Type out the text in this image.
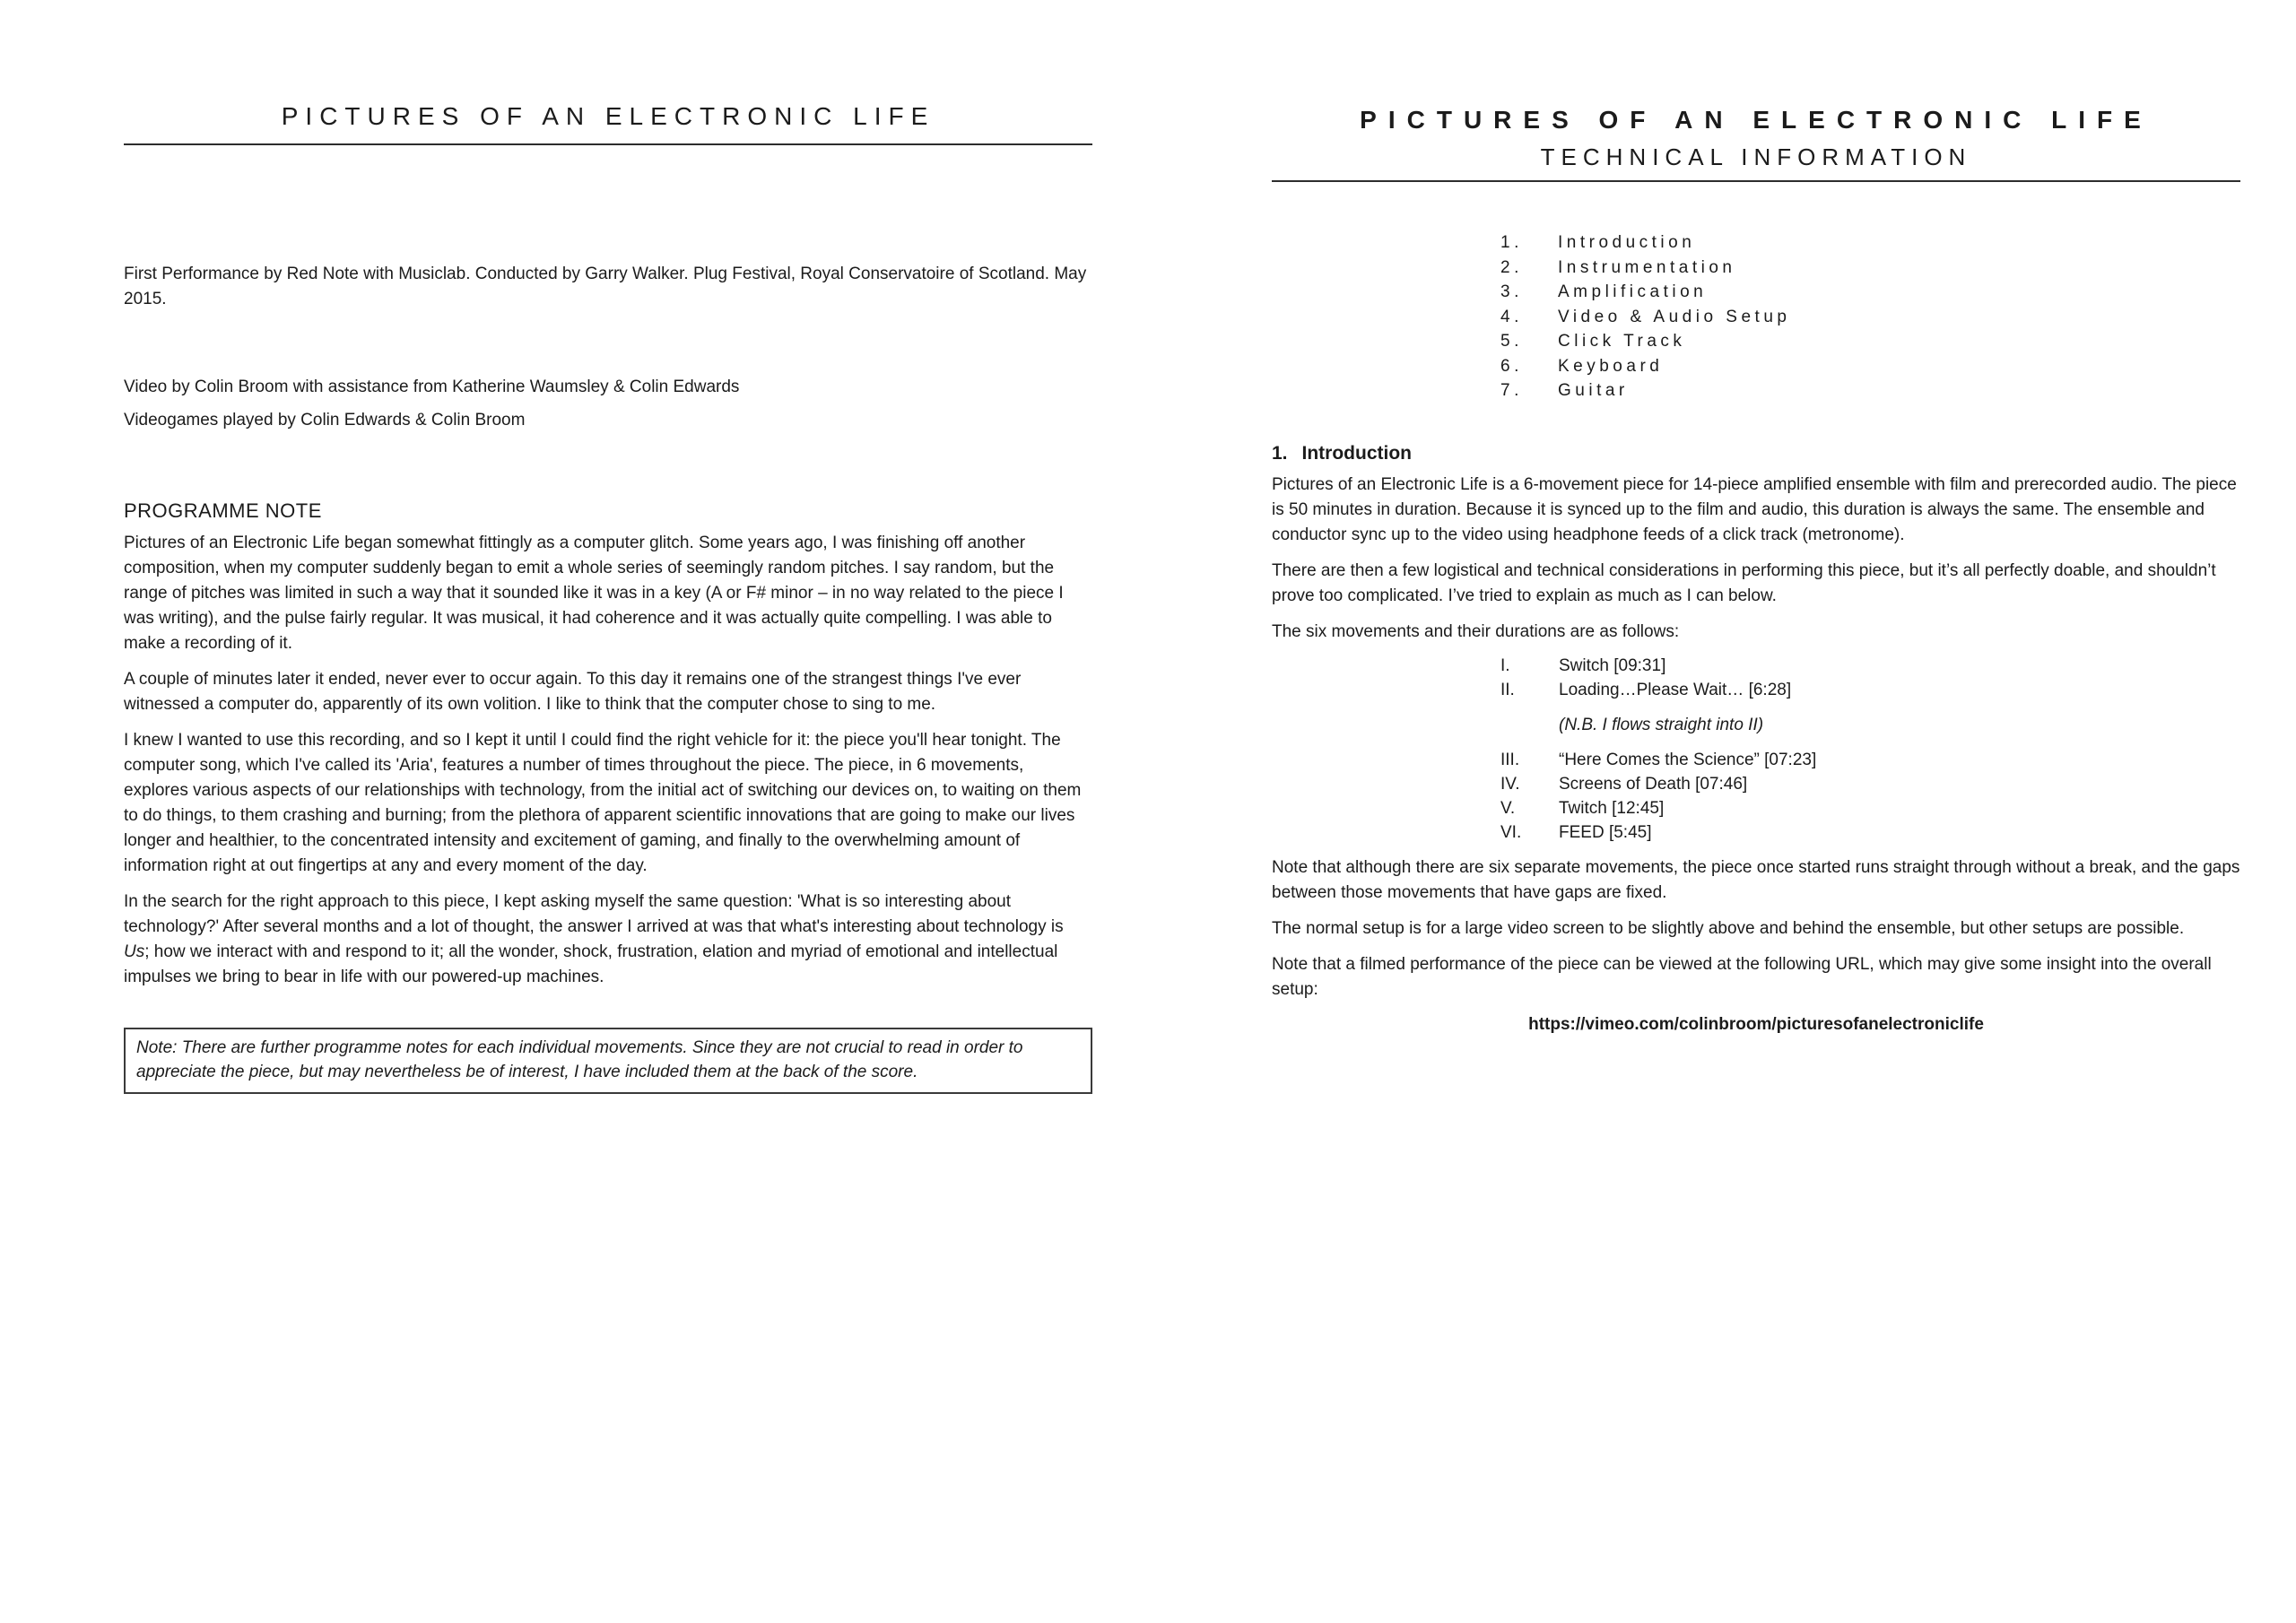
PICTURES OF AN ELECTRONIC LIFE

First Performance by Red Note with Musiclab. Conducted by Garry Walker. Plug Festival, Royal Conservatoire of Scotland. May 2015.

Video by Colin Broom with assistance from Katherine Waumsley & Colin Edwards

Videogames played by Colin Edwards & Colin Broom

PROGRAMME NOTE

Pictures of an Electronic Life began somewhat fittingly as a computer glitch. Some years ago, I was finishing off another composition, when my computer suddenly began to emit a whole series of seemingly random pitches. I say random, but the range of pitches was limited in such a way that it sounded like it was in a key (A or F# minor – in no way related to the piece I was writing), and the pulse fairly regular. It was musical, it had coherence and it was actually quite compelling. I was able to make a recording of it.

A couple of minutes later it ended, never ever to occur again. To this day it remains one of the strangest things I've ever witnessed a computer do, apparently of its own volition. I like to think that the computer chose to sing to me.

I knew I wanted to use this recording, and so I kept it until I could find the right vehicle for it: the piece you'll hear tonight. The computer song, which I've called its 'Aria', features a number of times throughout the piece. The piece, in 6 movements, explores various aspects of our relationships with technology, from the initial act of switching our devices on, to waiting on them to do things, to them crashing and burning; from the plethora of apparent scientific innovations that are going to make our lives longer and healthier, to the concentrated intensity and excitement of gaming, and finally to the overwhelming amount of information right at out fingertips at any and every moment of the day.

In the search for the right approach to this piece, I kept asking myself the same question: 'What is so interesting about technology?' After several months and a lot of thought, the answer I arrived at was that what's interesting about technology is Us; how we interact with and respond to it; all the wonder, shock, frustration, elation and myriad of emotional and intellectual impulses we bring to bear in life with our powered-up machines.

Note: There are further programme notes for each individual movements. Since they are not crucial to read in order to appreciate the piece, but may nevertheless be of interest, I have included them at the back of the score.

PICTURES OF AN ELECTRONIC LIFE
TECHNICAL INFORMATION
1.	Introduction
2.	Instrumentation
3.	Amplification
4.	Video & Audio Setup
5.	Click Track
6.	Keyboard
7.	Guitar
1. Introduction

Pictures of an Electronic Life is a 6-movement piece for 14-piece amplified ensemble with film and prerecorded audio. The piece is 50 minutes in duration. Because it is synced up to the film and audio, this duration is always the same. The ensemble and conductor sync up to the video using headphone feeds of a click track (metronome).

There are then a few logistical and technical considerations in performing this piece, but it’s all perfectly doable, and shouldn’t prove too complicated. I’ve tried to explain as much as I can below.

The six movements and their durations are as follows:

I.	Switch [09:31]
II.	Loading…Please Wait… [6:28]
(N.B. I flows straight into II)
III.	“Here Comes the Science” [07:23]
IV.	Screens of Death [07:46]
V.	Twitch [12:45]
VI.	FEED [5:45]

Note that although there are six separate movements, the piece once started runs straight through without a break, and the gaps between those movements that have gaps are fixed.

The normal setup is for a large video screen to be slightly above and behind the ensemble, but other setups are possible.

Note that a filmed performance of the piece can be viewed at the following URL, which may give some insight into the overall setup:

https://vimeo.com/colinbroom/picturesofanelectroniclife
